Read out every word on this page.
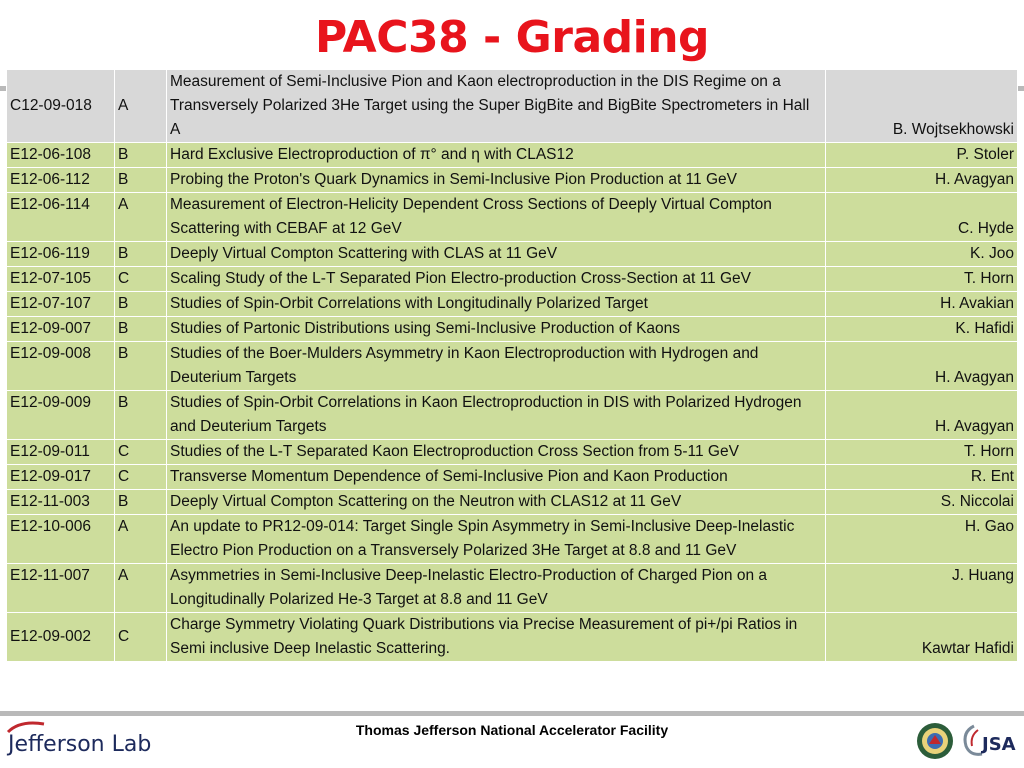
PAC38 - Grading
C12-09-018	A	Measurement of Semi-Inclusive Pion and Kaon electroproduction in the DIS Regime on a Transversely Polarized 3He Target using the Super BigBite and BigBite Spectrometers in Hall A	B. Wojtsekhowski
E12-06-108	B	Hard Exclusive Electroproduction of π° and η with CLAS12	P. Stoler
E12-06-112	B	Probing the Proton's Quark Dynamics in Semi-Inclusive Pion Production at 11 GeV	H. Avagyan
E12-06-114	A	Measurement of Electron-Helicity Dependent Cross Sections of Deeply Virtual Compton Scattering with CEBAF at 12 GeV	C. Hyde
E12-06-119	B	Deeply Virtual Compton Scattering with CLAS at 11 GeV	K. Joo
E12-07-105	C	Scaling Study of the L-T Separated Pion Electro-production Cross-Section at 11 GeV	T. Horn
E12-07-107	B	Studies of Spin-Orbit Correlations with Longitudinally Polarized Target	H. Avakian
E12-09-007	B	Studies of Partonic Distributions using Semi-Inclusive Production of Kaons	K. Hafidi
E12-09-008	B	Studies of the Boer-Mulders Asymmetry in Kaon Electroproduction with Hydrogen and Deuterium Targets	H. Avagyan
E12-09-009	B	Studies of Spin-Orbit Correlations in Kaon Electroproduction in DIS with Polarized Hydrogen and Deuterium Targets	H. Avagyan
E12-09-011	C	Studies of the L-T Separated Kaon Electroproduction Cross Section from 5-11 GeV	T. Horn
E12-09-017	C	Transverse Momentum Dependence of Semi-Inclusive Pion and Kaon Production	R. Ent
E12-11-003	B	Deeply Virtual Compton Scattering on the Neutron with CLAS12 at 11 GeV	S. Niccolai
E12-10-006	A	An update to PR12-09-014: Target Single Spin Asymmetry in Semi-Inclusive Deep-Inelastic Electro Pion Production on a Transversely Polarized 3He Target at 8.8 and 11 GeV	H. Gao
E12-11-007	A	Asymmetries in Semi-Inclusive Deep-Inelastic Electro-Production of Charged Pion on a Longitudinally Polarized He-3 Target at 8.8 and 11 GeV	J. Huang
E12-09-002	C	Charge Symmetry Violating Quark Distributions via Precise Measurement of pi+/pi Ratios in Semi inclusive Deep Inelastic Scattering.	Kawtar Hafidi
Jefferson Lab
Thomas Jefferson National Accelerator Facility
JSA
